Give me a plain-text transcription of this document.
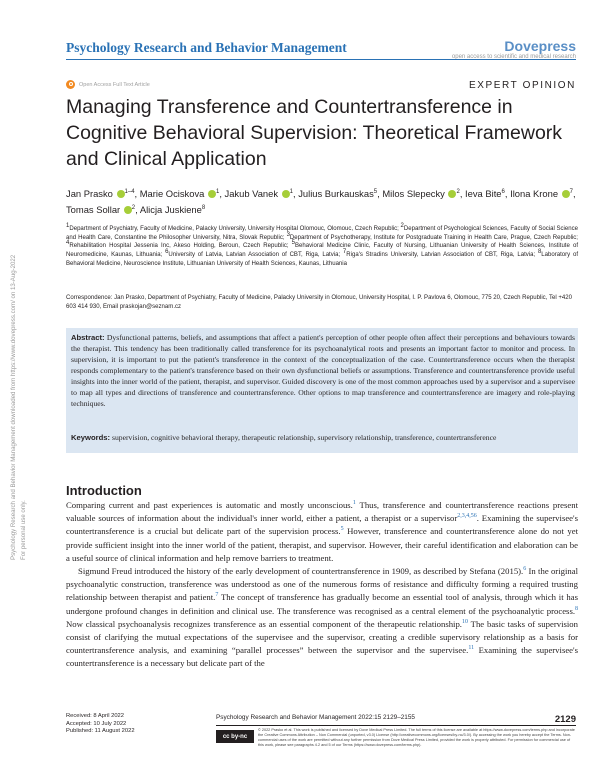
Psychology Research and Behavior Management downloaded from https://www.dovepress.com/ on 13-Aug-2022 For personal use only.
Psychology Research and Behavior Management	Dovepress
open access to scientific and medical research
Open Access Full Text Article	EXPERT OPINION
Managing Transference and Countertransference in Cognitive Behavioral Supervision: Theoretical Framework and Clinical Application
Jan Prasko $^{1-4}$, Marie Ociskova $^1$, Jakub Vanek $^1$, Julius Burkauskas$^5$, Milos Slepecky $^2$, Ieva Bite$^6$, Ilona Krone $^7$, Tomas Sollar $^2$, Alicja Juskiene$^8$
$^1$Department of Psychiatry, Faculty of Medicine, Palacky University, University Hospital Olomouc, Olomouc, Czech Republic; $^2$Department of Psychological Sciences, Faculty of Social Science and Health Care, Constantine the Philosopher University, Nitra, Slovak Republic; $^3$Department of Psychotherapy, Institute for Postgraduate Training in Health Care, Prague, Czech Republic; $^4$Rehabilitation Hospital Jessenia Inc, Akeso Holding, Beroun, Czech Republic; $^5$Behavioral Medicine Clinic, Faculty of Nursing, Lithuanian University of Health Sciences, Institute of Neuromedicine, Kaunas, Lithuania; $^6$University of Latvia, Latvian Association of CBT, Riga, Latvia; $^7$Riga's Stradins University, Latvian Association of CBT, Riga, Latvia; $^8$Laboratory of Behavioral Medicine, Neuroscience Institute, Lithuanian University of Health Sciences, Kaunas, Lithuania
Correspondence: Jan Prasko, Department of Psychiatry, Faculty of Medicine, Palacky University in Olomouc, University Hospital, I. P. Pavlova 6, Olomouc, 775 20, Czech Republic, Tel +420 603 414 930, Email praskojan@seznam.cz
Abstract: Dysfunctional patterns, beliefs, and assumptions that affect a patient's perception of other people often affect their perceptions and behaviours towards the therapist. This tendency has been traditionally called transference for its psychoanalytical roots and presents an important factor to monitor and process. In supervision, it is important to put the patient's transference in the context of the conceptualization of the case. Countertransference occurs when the therapist responds complementary to the patient's transference based on their own dysfunctional beliefs or assumptions. Transference and countertransference provide useful insights into the inner world of the patient, therapist, and supervisor. Guided discovery is one of the most common approaches used by a supervisor and a supervisee to map all types and directions of transference and countertransference. Other options to map transference and countertransference are imagery and role-playing techniques.
Keywords: supervision, cognitive behavioral therapy, therapeutic relationship, supervisory relationship, transference, countertransference
Introduction

Comparing current and past experiences is automatic and mostly unconscious.$^1$ Thus, transference and countertransference reactions present valuable sources of information about the individual's inner world, either a patient, a therapist or a supervisor$^{2,3,4,56}$. Examining the supervisee's countertransference is a crucial but delicate part of the supervision process.$^5$ However, transference and countertransference alone do not yet provide sufficient insight into the inner world of the patient, therapist, and supervisor. However, their careful identification and elaboration can be a useful source of clinical information and help remove barriers to treatment.

Sigmund Freud introduced the history of the early development of countertransference in 1909, as described by Stefana (2015).$^6$ In the original psychoanalytic construction, transference was understood as one of the numerous forms of resistance and difficulty forming a required trusting relationship between therapist and patient.$^7$ The concept of transference has gradually become an essential tool of analysis, through which it has undergone profound changes in definition and clinical use. The transference was recognised as a central element of the psychoanalytic process.$^8$ Now classical psychoanalysis recognizes transference as an essential component of the therapeutic relationship.$^{10}$ The basic tasks of supervision consist of clarifying the mutual expectations of the supervisee and the supervisor, creating a credible supervisory relationship as a basis for countertransference analysis, and examining “parallel processes” between the supervisor and the supervisee.$^{11}$ Examining the supervisee's countertransference is a necessary but delicate part of the

Received: 8 April 2022
Accepted: 10 July 2022
Published: 11 August 2022
Psychology Research and Behavior Management 2022:15 2129–2155	2129
cc by-nc
© 2022 Prasko et al. This work is published and licensed by Dove Medical Press Limited. The full terms of this license are available at https://www.dovepress.com/terms.php and incorporate the Creative Commons Attribution – Non Commercial (unported, v3.0) License (http://creativecommons.org/licenses/by-nc/3.0/). By accessing the work you hereby accept the Terms. Non-commercial uses of the work are permitted without any further permission from Dove Medical Press Limited, provided the work is properly attributed. For permission for commercial use of this work, please see paragraphs 4.2 and 5 of our Terms (https://www.dovepress.com/terms.php).
